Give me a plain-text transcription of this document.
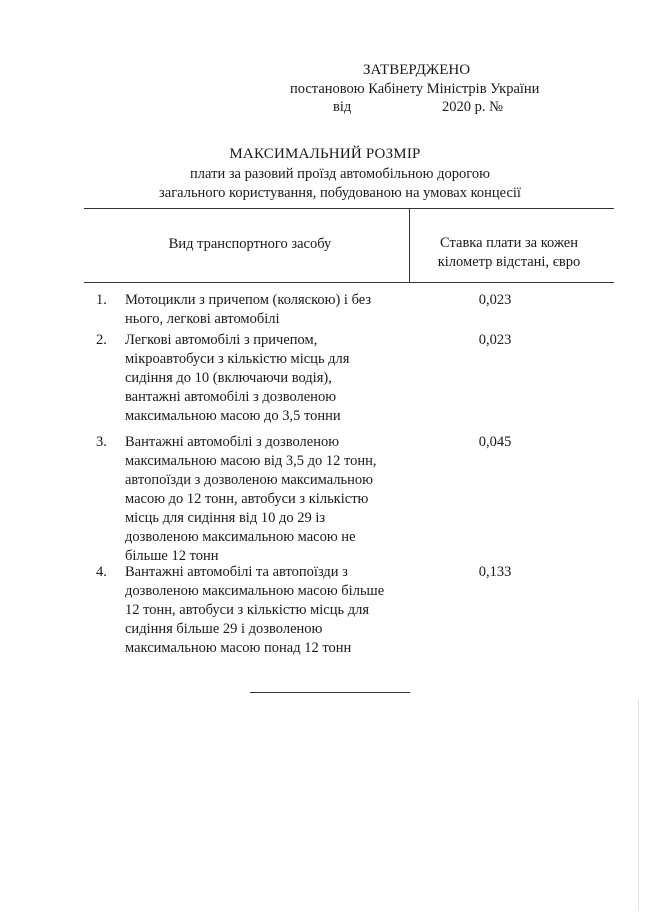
ЗАТВЕРДЖЕНО
постановою Кабінету Міністрів України
від	2020 р. №
МАКСИМАЛЬНИЙ РОЗМІР
плати за разовий проїзд автомобільною дорогою
загального користування, побудованою на умовах концесії
Вид транспортного засобу	Ставка плати за кожен
кілометр відстані, євро
1. Мотоцикли з причепом (коляскою) і без
нього, легкові автомобілі
0,023
2. Легкові автомобілі з причепом,
мікроавтобуси з кількістю місць для
сидіння до 10 (включаючи водія),
вантажні автомобілі з дозволеною
максимальною масою до 3,5 тонни
0,023
3. Вантажні автомобілі з дозволеною
максимальною масою від 3,5 до 12 тонн,
автопоїзди з дозволеною максимальною
масою до 12 тонн, автобуси з кількістю
місць для сидіння від 10 до 29 із
дозволеною максимальною масою не
більше 12 тонн
0,045
4. Вантажні автомобілі та автопоїзди з
дозволеною максимальною масою більше
12 тонн, автобуси з кількістю місць для
сидіння більше 29 і дозволеною
максимальною масою понад 12 тонн
0,133
